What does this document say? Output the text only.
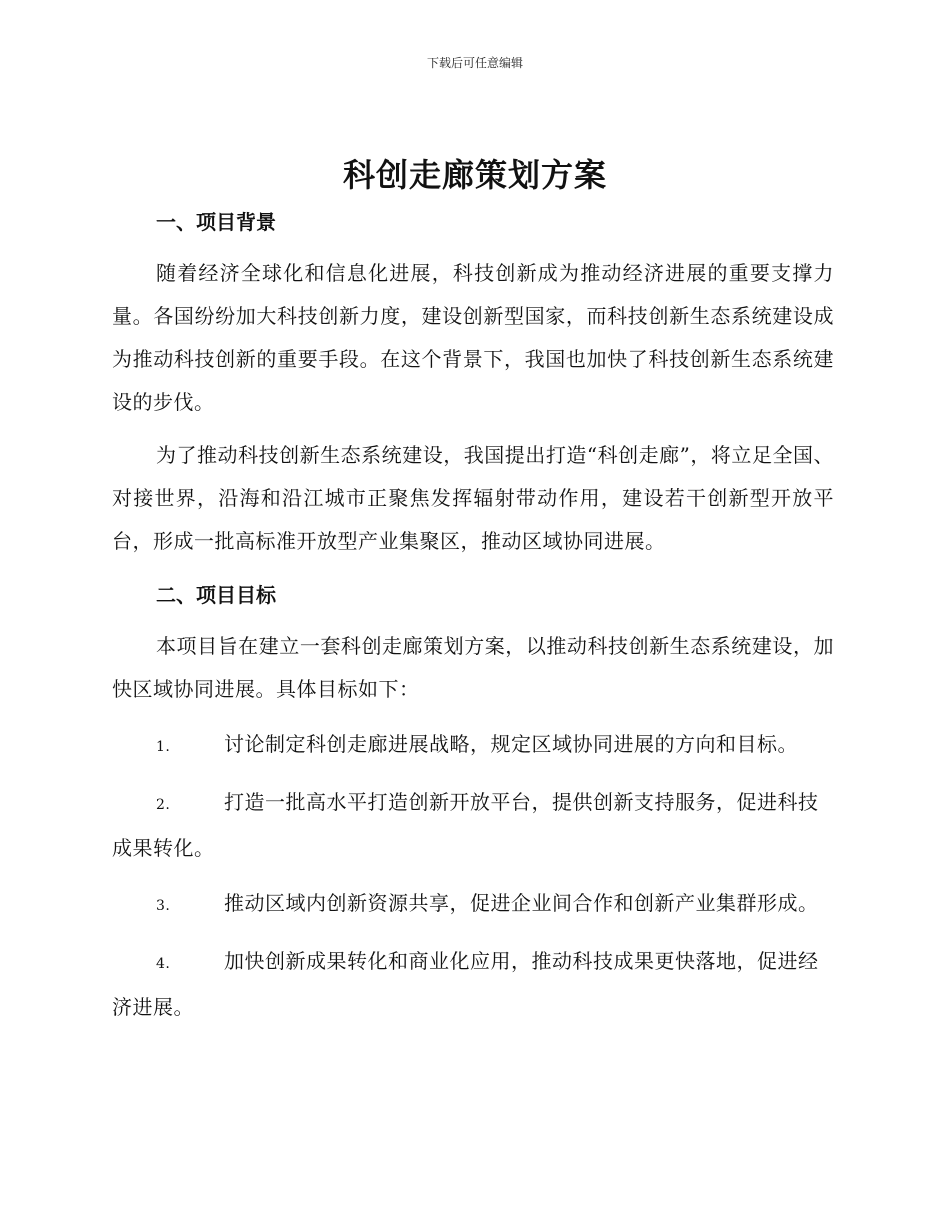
下载后可任意编辑
科创走廊策划方案
一、项目背景

随着经济全球化和信息化进展，科技创新成为推动经济进展的重要支撑力量。各国纷纷加大科技创新力度，建设创新型国家，而科技创新生态系统建设成为推动科技创新的重要手段。在这个背景下，我国也加快了科技创新生态系统建设的步伐。

为了推动科技创新生态系统建设，我国提出打造“科创走廊”，将立足全国、对接世界，沿海和沿江城市正聚焦发挥辐射带动作用，建设若干创新型开放平台，形成一批高标准开放型产业集聚区，推动区域协同进展。

二、项目目标

本项目旨在建立一套科创走廊策划方案，以推动科技创新生态系统建设，加快区域协同进展。具体目标如下：

1.	讨论制定科创走廊进展战略，规定区域协同进展的方向和目标。

2.	打造一批高水平打造创新开放平台，提供创新支持服务，促进科技成果转化。

3.	推动区域内创新资源共享，促进企业间合作和创新产业集群形成。

4.	加快创新成果转化和商业化应用，推动科技成果更快落地，促进经济进展。
